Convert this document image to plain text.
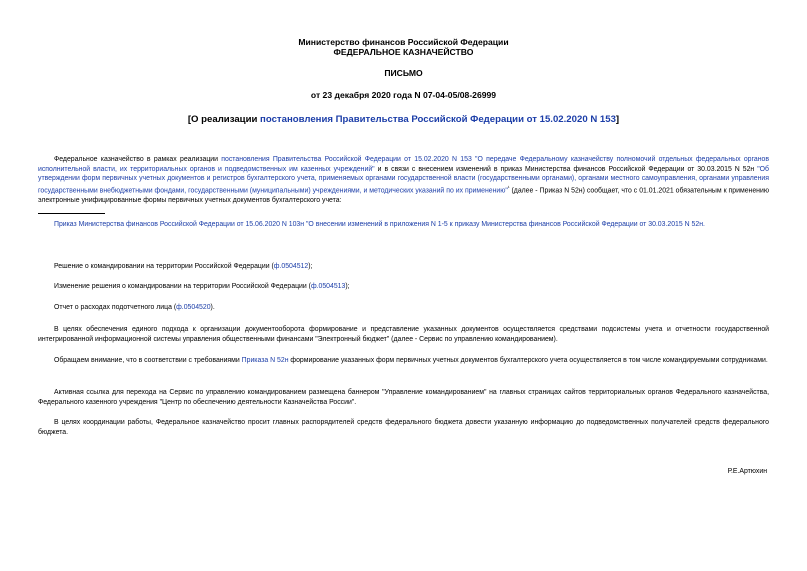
Министерство финансов Российской Федерации
ФЕДЕРАЛЬНОЕ КАЗНАЧЕЙСТВО
ПИСЬМО
от 23 декабря 2020 года N 07-04-05/08-26999
[О реализации постановления Правительства Российской Федерации от 15.02.2020 N 153]

Федеральное казначейство в рамках реализации постановления Правительства Российской Федерации от 15.02.2020 N 153 "О передаче Федеральному казначейству полномочий отдельных федеральных органов исполнительной власти, их территориальных органов и подведомственных им казенных учреждений" и в связи с внесением изменений в приказ Министерства финансов Российской Федерации от 30.03.2015 N 52н "Об утверждении форм первичных учетных документов и регистров бухгалтерского учета, применяемых органами государственной власти (государственными органами), органами местного самоуправления, органами управления государственными внебюджетными фондами, государственными (муниципальными) учреждениями, и методических указаний по их применению"$^{^1}$ (далее - Приказ N 52н) сообщает, что с 01.01.2021 обязательным к применению электронные унифицированные формы первичных учетных документов бухгалтерского учета:

Приказ Министерства финансов Российской Федерации от 15.06.2020 N 103н "О внесении изменений в приложения N 1-5 к приказу Министерства финансов Российской Федерации от 30.03.2015 N 52н.

Решение о командировании на территории Российской Федерации (ф.0504512);

Изменение решения о командировании на территории Российской Федерации (ф.0504513);

Отчет о расходах подотчетного лица (ф.0504520).

В целях обеспечения единого подхода к организации документооборота формирование и представление указанных документов осуществляется средствами подсистемы учета и отчетности государственной интегрированной информационной системы управления общественными финансами "Электронный бюджет" (далее - Сервис по управлению командированием).

Обращаем внимание, что в соответствии с требованиями Приказа N 52н формирование указанных форм первичных учетных документов бухгалтерского учета осуществляется в том числе командируемыми сотрудниками.

Активная ссылка для перехода на Сервис по управлению командированием размещена баннером "Управление командированием" на главных страницах сайтов территориальных органов Федерального казначейства, Федерального казенного учреждения "Центр по обеспечению деятельности Казначейства России".

В целях координации работы, Федеральное казначейство просит главных распорядителей средств федерального бюджета довести указанную информацию до подведомственных получателей средств федерального бюджета.

Р.Е.Артюхин
